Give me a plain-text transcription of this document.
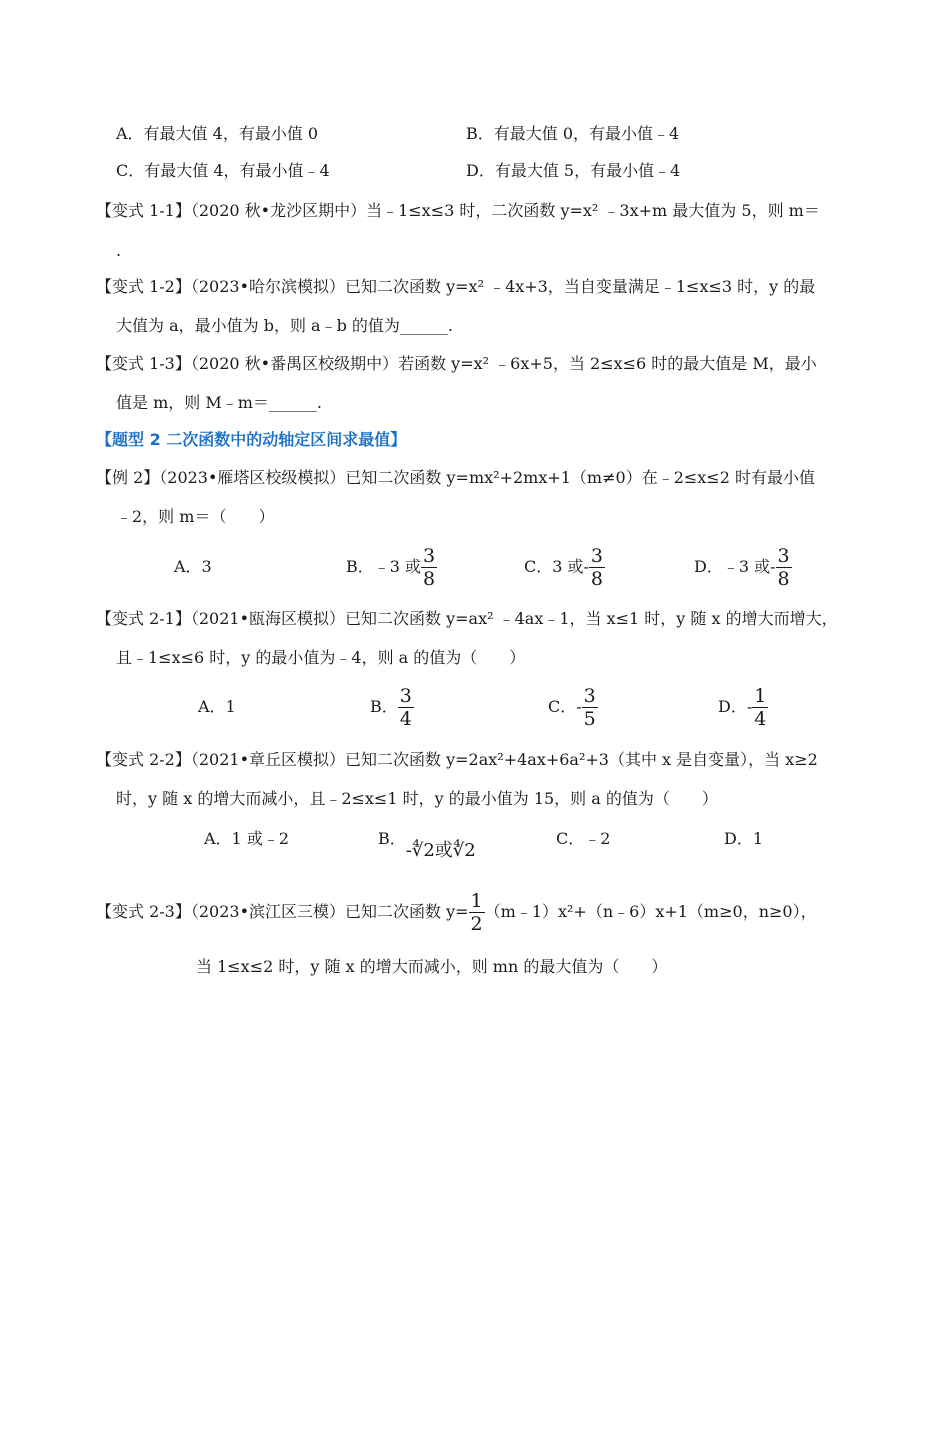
A．有最大值 4，有最小值 0	B．有最大值 0，有最小值﹣4
C．有最大值 4，有最小值﹣4	D．有最大值 5，有最小值﹣4
【变式 1-1】（2020 秋•龙沙区期中）当﹣1≤x≤3 时，二次函数 y=x² ﹣3x+m 最大值为 5，则 m＝
.
【变式 1-2】（2023•哈尔滨模拟）已知二次函数 y=x² ﹣4x+3，当自变量满足﹣1≤x≤3 时，y 的最
大值为 a，最小值为 b，则 a﹣b 的值为______.
【变式 1-3】（2020 秋•番禺区校级期中）若函数 y=x² ﹣6x+5，当 2≤x≤6 时的最大值是 M，最小
值是 m，则 M﹣m＝______.
【题型 2 二次函数中的动轴定区间求最值】
【例 2】（2023•雁塔区校级模拟）已知二次函数 y=mx²+2mx+1（m≠0）在﹣2≤x≤2 时有最小值
﹣2，则 m＝（　　）
A．3	B．﹣3 或 $\frac{3}{8}$	C．3 或- $\frac{3}{8}$	D．﹣3 或- $\frac{3}{8}$
【变式 2-1】（2021•瓯海区模拟）已知二次函数 y=ax² ﹣4ax﹣1，当 x≤1 时，y 随 x 的增大而增大，
且﹣1≤x≤6 时，y 的最小值为﹣4，则 a 的值为（　　）
A．1	B． $\frac{3}{4}$	C．- $\frac{3}{5}$	D．- $\frac{1}{4}$
【变式 2-2】（2021•章丘区模拟）已知二次函数 y=2ax²+4ax+6a²+3（其中 x 是自变量），当 x≥2
时，y 随 x 的增大而减小，且﹣2≤x≤1 时，y 的最小值为 15，则 a 的值为（　　）
A．1 或﹣2	B．-∜2或∜2
C．﹣2	D．1
【变式 2-3】（2023•滨江区三模）已知二次函数 $y= \frac{1}{2}$ （m﹣1）x²+（n﹣6）x+1（m≥0，n≥0），
当 1≤x≤2 时，y 随 x 的增大而减小，则 mn 的最大值为（　　）
